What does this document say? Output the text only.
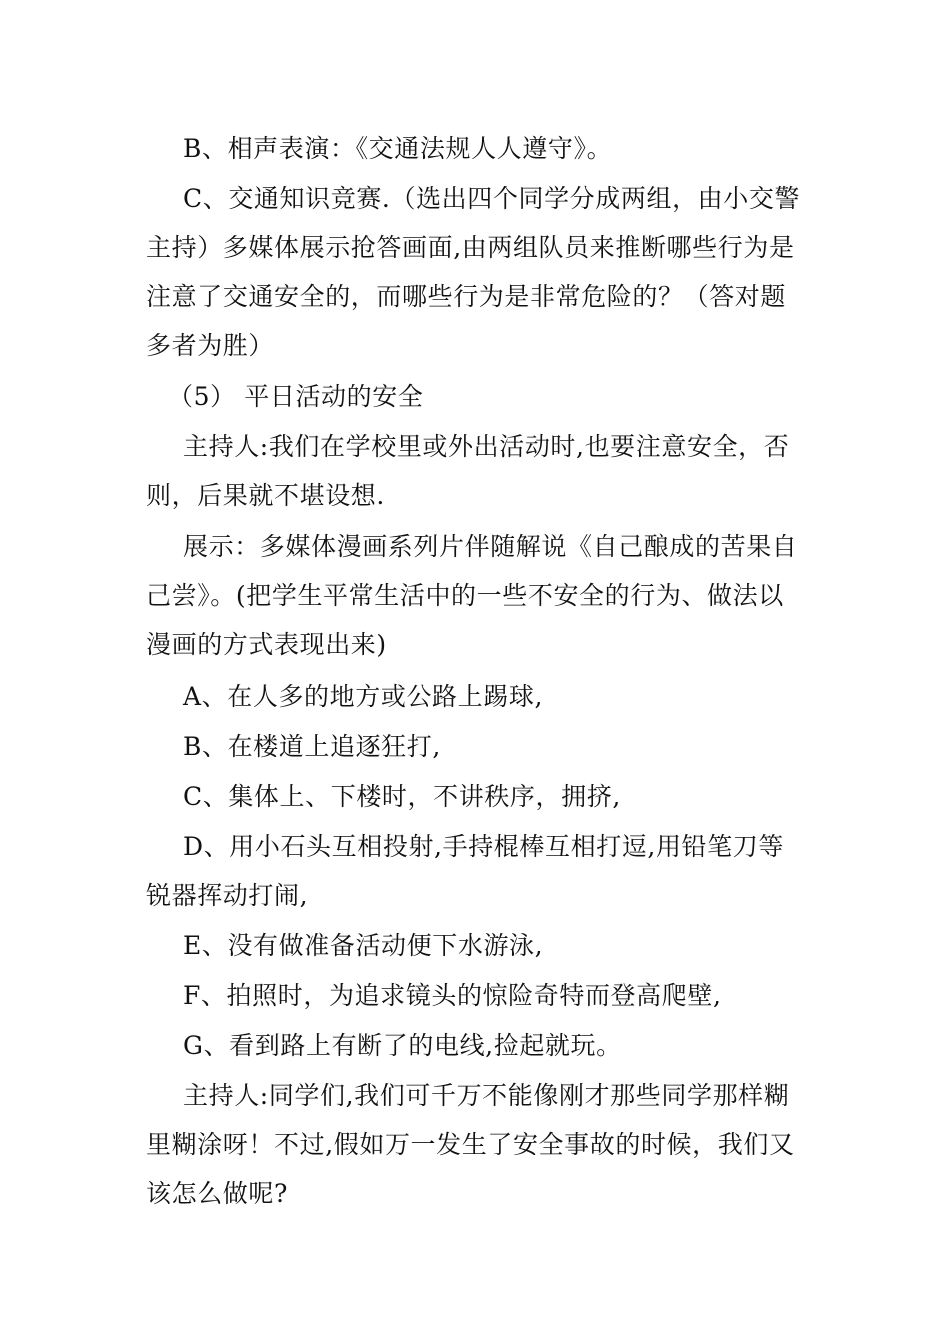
B、相声表演：《交通法规人人遵守》。

C、交通知识竞赛.（选出四个同学分成两组，由小交警主持）多媒体展示抢答画面,由两组队员来推断哪些行为是注意了交通安全的，而哪些行为是非常危险的？（答对题多者为胜）

（5） 平日活动的安全

主持人:我们在学校里或外出活动时,也要注意安全，否则，后果就不堪设想.

展示：多媒体漫画系列片伴随解说《自己酿成的苦果自己尝》。(把学生平常生活中的一些不安全的行为、做法以漫画的方式表现出来)

A、在人多的地方或公路上踢球,

B、在楼道上追逐狂打,

C、集体上、下楼时，不讲秩序，拥挤,

D、用小石头互相投射,手持棍棒互相打逗,用铅笔刀等锐器挥动打闹,

E、没有做准备活动便下水游泳,

F、拍照时，为追求镜头的惊险奇特而登高爬壁,

G、看到路上有断了的电线,捡起就玩。

主持人:同学们,我们可千万不能像刚才那些同学那样糊里糊涂呀！不过,假如万一发生了安全事故的时候，我们又该怎么做呢?
